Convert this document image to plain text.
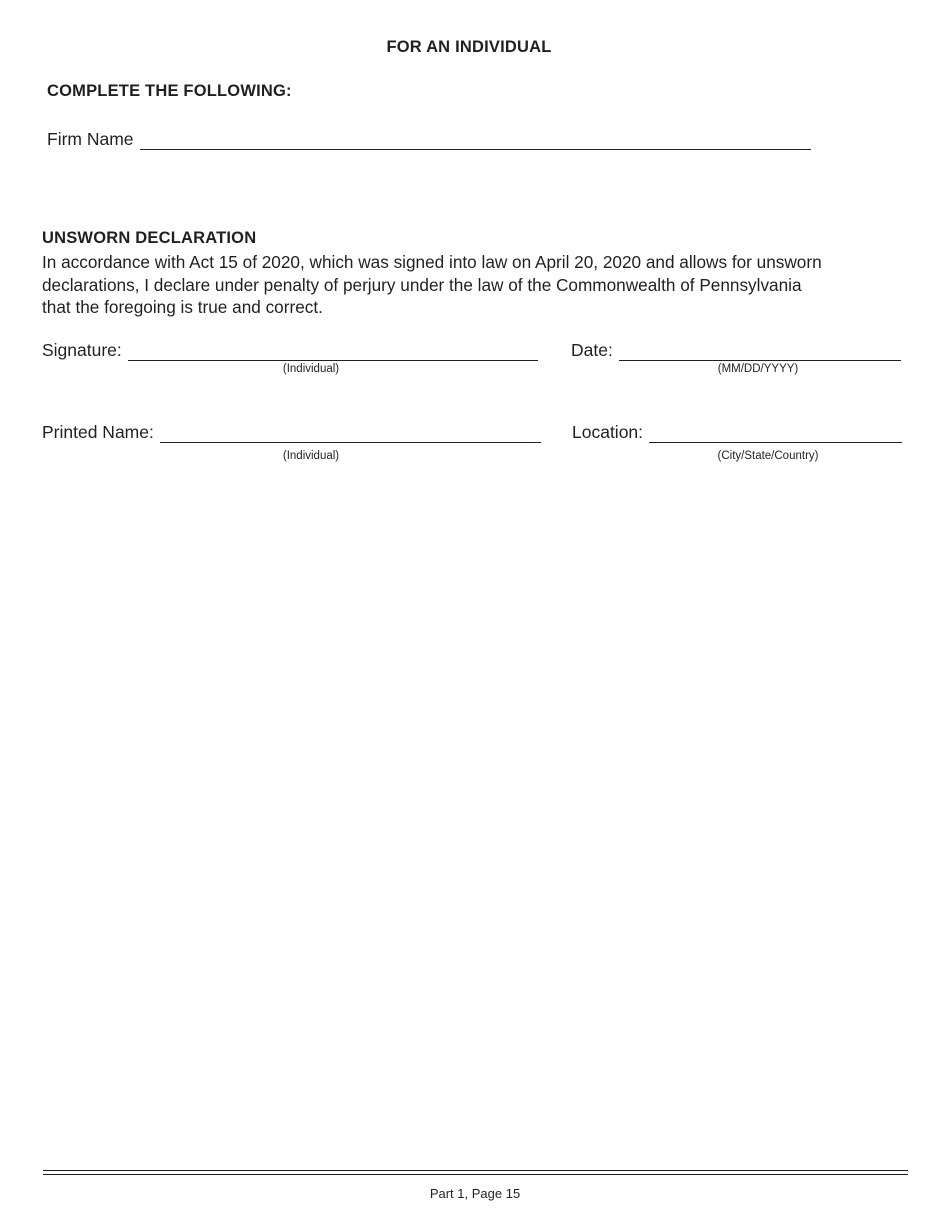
FOR AN INDIVIDUAL
COMPLETE THE FOLLOWING:
Firm Name
UNSWORN DECLARATION

In accordance with Act 15 of 2020, which was signed into law on April 20, 2020 and allows for unsworn

declarations, I declare under penalty of perjury under the law of the Commonwealth of Pennsylvania

that the foregoing is true and correct.

Signature:
(Individual)
Date:
(MM/DD/YYYY)
Printed Name:
(Individual)
Location:
(City/State/Country)
Part 1, Page 15
